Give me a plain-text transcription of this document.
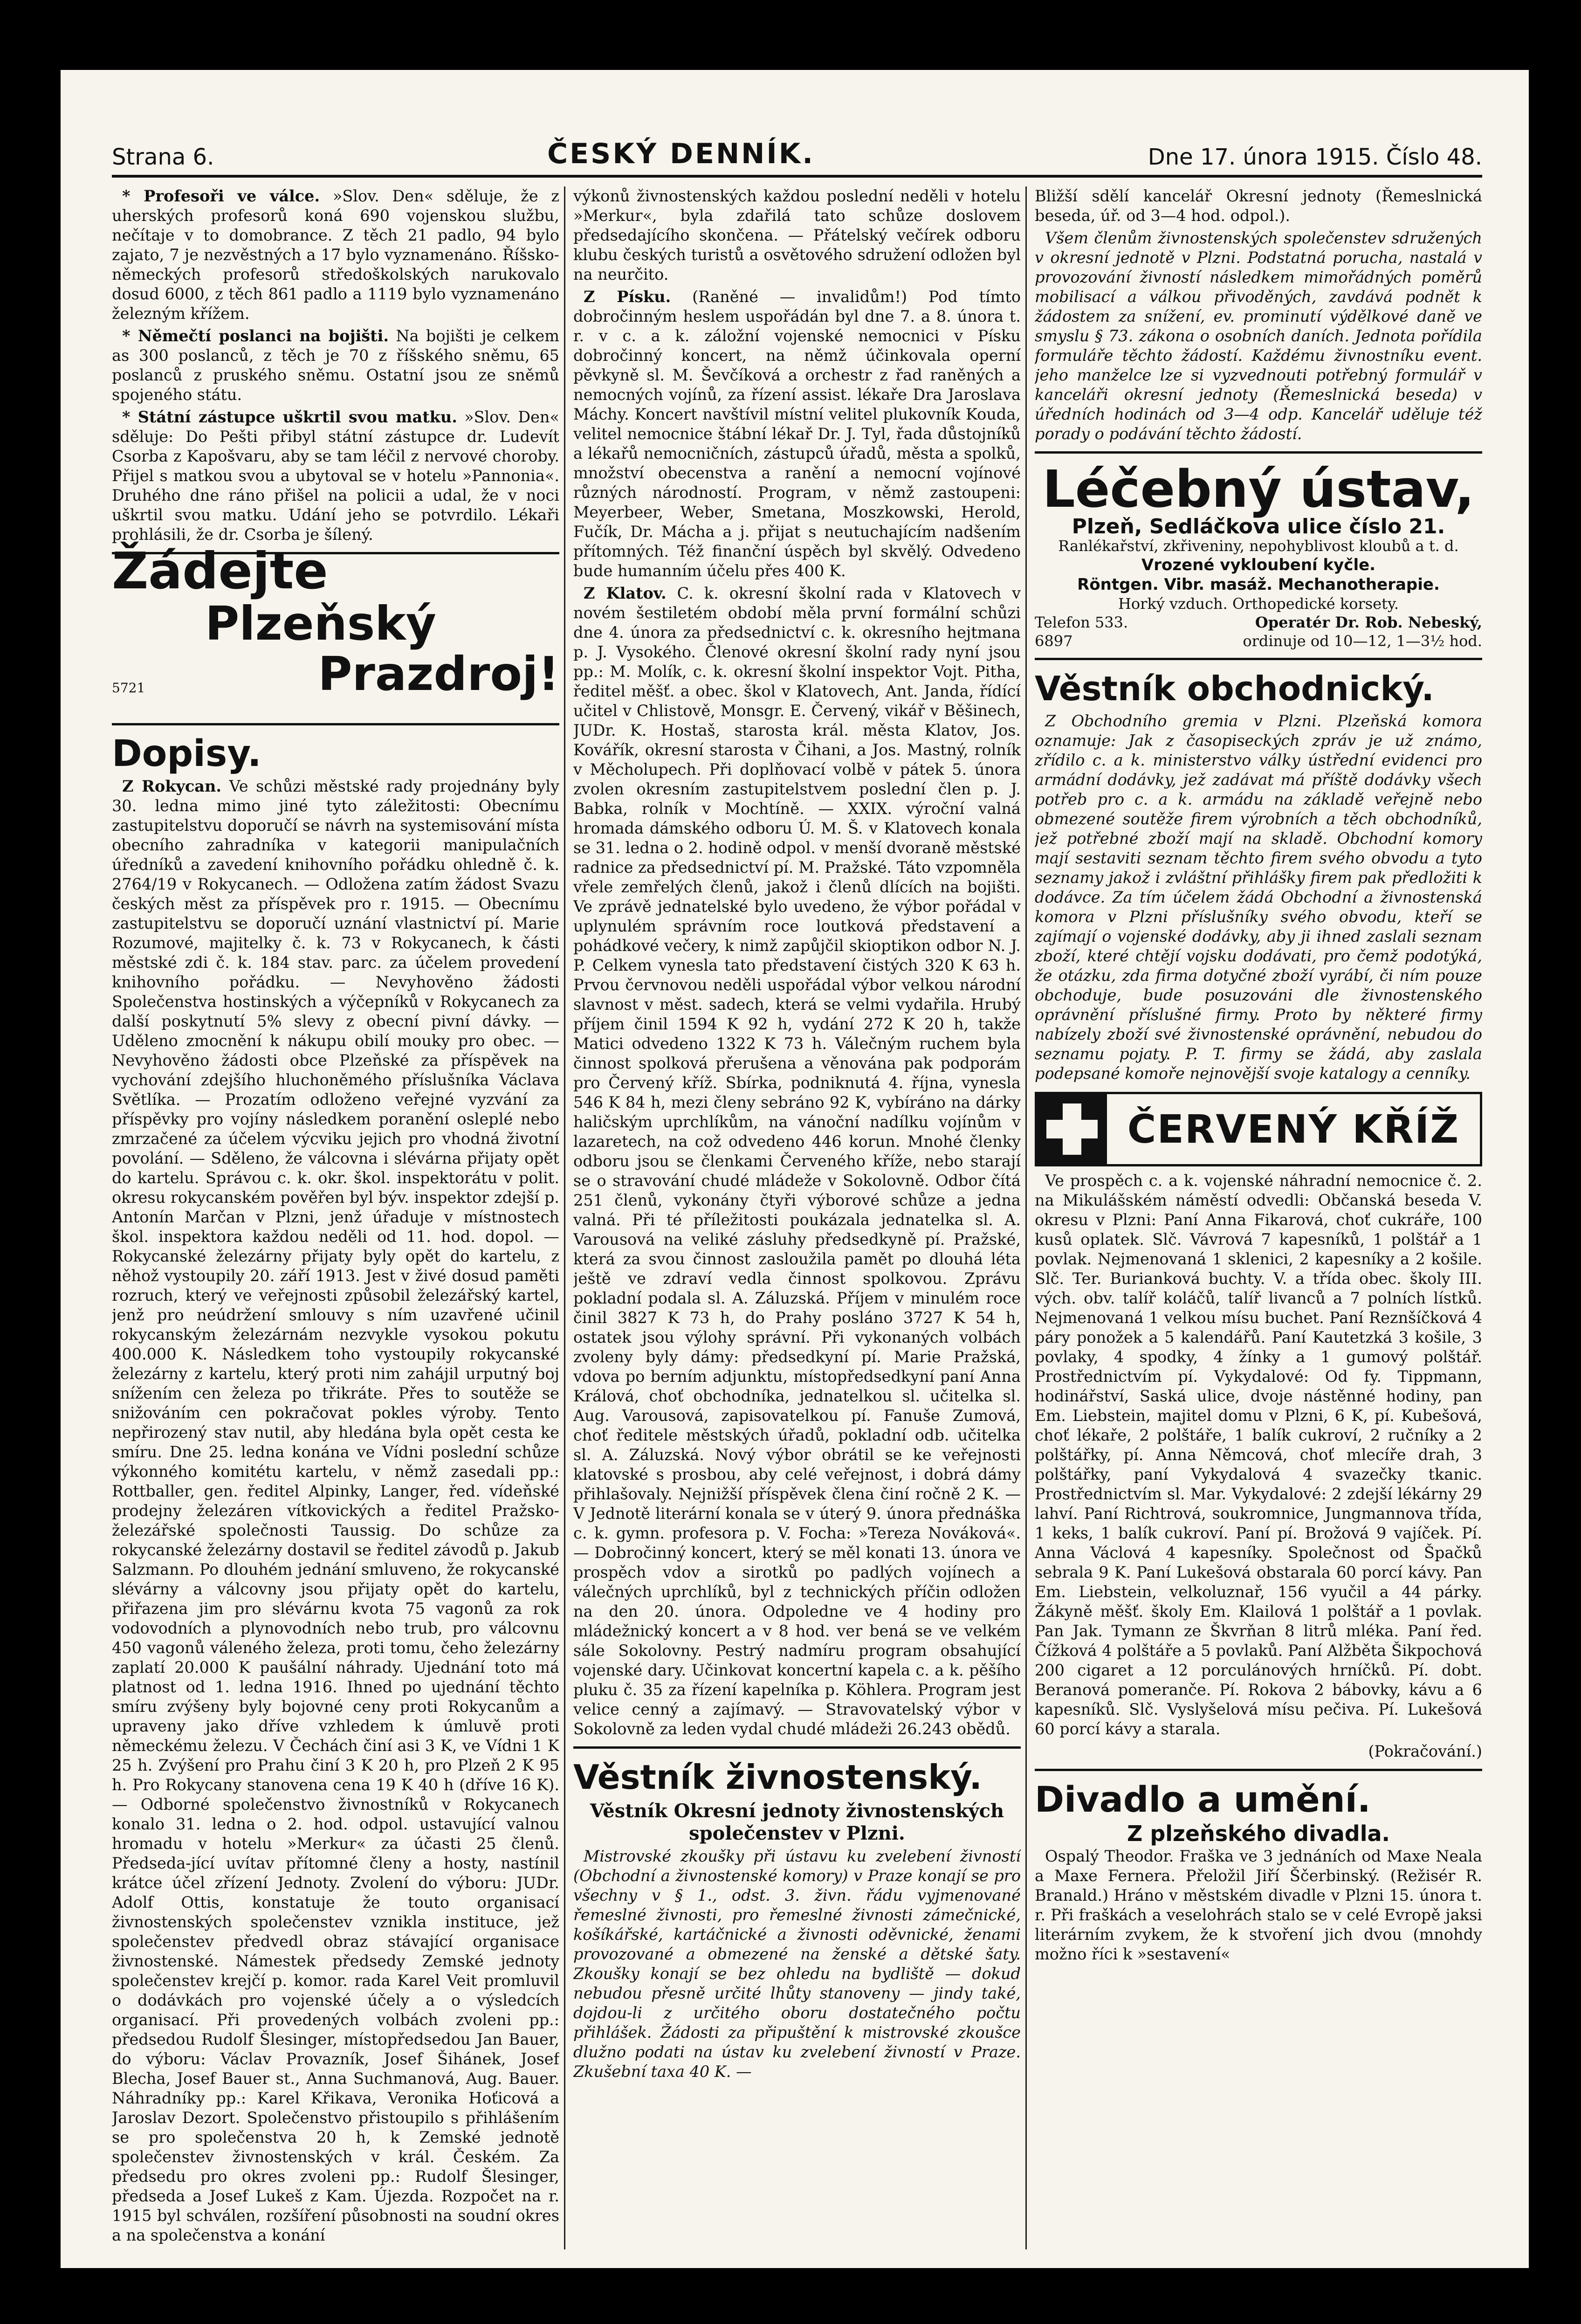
Strana 6.	ČESKÝ DENNÍK.	Dne 17. února 1915. Číslo 48.

* Profesoři ve válce. »Slov. Den« sděluje, že z uherských profesorů koná 690 vojenskou službu, nečítaje v to domobrance. Z těch 21 padlo, 94 bylo zajato, 7 je nezvěstných a 17 bylo vyznamenáno. Říšsko-německých profesorů středoškolských narukovalo dosud 6000, z těch 861 padlo a 1119 bylo vyznamenáno železným křížem.

* Němečtí poslanci na bojišti. Na bojišti je celkem as 300 poslanců, z těch je 70 z říšského sněmu, 65 poslanců z pruského sněmu. Ostatní jsou ze sněmů spojeného státu.

* Státní zástupce uškrtil svou matku. »Slov. Den« sděluje: Do Pešti přibyl státní zástupce dr. Ludevít Csorba z Kapošvaru, aby se tam léčil z nervové choroby. Přijel s matkou svou a ubytoval se v hotelu »Pannonia«. Druhého dne ráno přišel na policii a udal, že v noci uškrtil svou matku. Udání jeho se potvrdilo. Lékaři prohlásili, že dr. Csorba je šílený.

Žádejte
Plzeňský
5721	Prazdroj!
Dopisy.

Z Rokycan. Ve schůzi městské rady projednány byly 30. ledna mimo jiné tyto záležitosti: Obecnímu zastupitelstvu doporučí se návrh na systemisování místa obecního zahradníka v kategorii manipulačních úředníků a zavedení knihovního pořádku ohledně č. k. 2764/19 v Rokycanech. — Odložena zatím žádost Svazu českých měst za příspěvek pro r. 1915. — Obecnímu zastupitelstvu se doporučí uznání vlastnictví pí. Marie Rozumové, majitelky č. k. 73 v Rokycanech, k části městské zdi č. k. 184 stav. parc. za účelem provedení knihovního pořádku. — Nevyhověno žádosti Společenstva hostinských a výčepníků v Rokycanech za další poskytnutí 5% slevy z obecní pivní dávky. — Uděleno zmocnění k nákupu obilí mouky pro obec. —Nevyhověno žádosti obce Plzeňské za příspěvek na vychování zdejšího hluchoněmého příslušníka Václava Světlíka. — Prozatím odloženo veřejné vyzvání za příspěvky pro vojíny následkem poranění osleplé nebo zmrzačené za účelem výcviku jejich pro vhodná životní povolání. — Sděleno, že válcovna i slévárna přijaty opět do kartelu. Správou c. k. okr. škol. inspektorátu v polit. okresu rokycanském pověřen byl býv. inspektor zdejší p. Antonín Marčan v Plzni, jenž úřaduje v místnostech škol. inspektora každou neděli od 11. hod. dopol. — Rokycanské železárny přijaty byly opět do kartelu, z něhož vystoupily 20. září 1913. Jest v živé dosud paměti rozruch, který ve veřejnosti způsobil železářský kartel, jenž pro neúdržení smlouvy s ním uzavřené učinil rokycanským železárnám nezvykle vysokou pokutu 400.000 K. Následkem toho vystoupily rokycanské železárny z kartelu, který proti nim zahájil urputný boj snížením cen železa po třikráte. Přes to soutěže se snižováním cen pokračovat pokles výroby. Tento nepřirozený stav nutil, aby hledána byla opět cesta ke smíru. Dne 25. ledna konána ve Vídni poslední schůze výkonného komitétu kartelu, v němž zasedali pp.: Rottballer, gen. ředitel Alpinky, Langer, řed. vídeňské prodejny železáren vítkovických a ředitel Pražsko-železářské společnosti Taussig. Do schůze za rokycanské železárny dostavil se ředitel závodů p. Jakub Salzmann. Po dlouhém jednání smluveno, že rokycanské slévárny a válcovny jsou přijaty opět do kartelu, přiřazena jim pro slévárnu kvota 75 vagonů za rok vodovodních a plynovodních nebo trub, pro válcovnu 450 vagonů váleného železa, proti tomu, čeho železárny zaplatí 20.000 K paušální náhrady. Ujednání toto má platnost od 1. ledna 1916. Ihned po ujednání těchto smíru zvýšeny byly bojovné ceny proti Rokycanům a upraveny jako dříve vzhledem k úmluvě proti německému železu. V Čechách činí asi 3 K, ve Vídni 1 K 25 h. Zvýšení pro Prahu činí 3 K 20 h, pro Plzeň 2 K 95 h. Pro Rokycany stanovena cena 19 K 40 h (dříve 16 K). — Odborné společenstvo živnostníků v Rokycanech konalo 31. ledna o 2. hod. odpol. ustavující valnou hromadu v hotelu »Merkur« za účasti 25 členů. Předseda-jící uvítav přítomné členy a hosty, nastínil krátce účel zřízení Jednoty. Zvolení do výboru: JUDr. Adolf Ottis, konstatuje že touto organisací živnostenských společenstev vznikla instituce, jež společenstev předvedl obraz stávající organisace živnostenské. Námestek předsedy Zemské jednoty společenstev krejčí p. komor. rada Karel Veit promluvil o dodávkách pro vojenské účely a o výsledcích organisací. Při provedených volbách zvoleni pp.: předsedou Rudolf Šlesinger, místopředsedou Jan Bauer, do výboru: Václav Provazník, Josef Šihánek, Josef Blecha, Josef Bauer st., Anna Suchmanová, Aug. Bauer. Náhradníky pp.: Karel Křikava, Veronika Hoťicová a Jaroslav Dezort. Společenstvo přistoupilo s přihlášením se pro společenstva 20 h, k Zemské jednotě společenstev živnostenských v král. Českém. Za předsedu pro okres zvoleni pp.: Rudolf Šlesinger, předseda a Josef Lukeš z Kam. Újezda. Rozpočet na r. 1915 byl schválen, rozšíření působnosti na soudní okres a na společenstva a konání

výkonů živnostenských každou poslední neděli v hotelu »Merkur«, byla zdařilá tato schůze doslovem předsedajícího skončena. — Přátelský večírek odboru klubu českých turistů a osvětového sdružení odložen byl na neurčito.

Z Písku. (Raněné — invalidům!) Pod tímto dobročinným heslem uspořádán byl dne 7. a 8. února t. r. v c. a k. záložní vojenské nemocnici v Písku dobročinný koncert, na němž účinkovala operní pěvkyně sl. M. Ševčíková a orchestr z řad raněných a nemocných vojínů, za řízení assist. lékaře Dra Jaroslava Máchy. Koncert navštívil místní velitel plukovník Kouda, velitel nemocnice štábní lékař Dr. J. Tyl, řada důstojníků a lékařů nemocničních, zástupců úřadů, města a spolků, množství obecenstva a ranění a nemocní vojínové různých národností. Program, v němž zastoupeni: Meyerbeer, Weber, Smetana, Moszkowski, Herold, Fučík, Dr. Mácha a j. přijat s neutuchajícím nadšením přítomných. Též finanční úspěch byl skvělý. Odvedeno bude humanním účelu přes 400 K.

Z Klatov. C. k. okresní školní rada v Klatovech v novém šestiletém období měla první formální schůzi dne 4. února za předsednictví c. k. okresního hejtmana p. J. Vysokého. Členové okresní školní rady nyní jsou pp.: M. Molík, c. k. okresní školní inspektor Vojt. Pitha, ředitel měšť. a obec. škol v Klatovech, Ant. Janda, řídící učitel v Chlistově, Monsgr. E. Červený, vikář v Běšinech, JUDr. K. Hostaš, starosta král. města Klatov, Jos. Kovářík, okresní starosta v Čihani, a Jos. Mastný, rolník v Měcholupech. Při doplňovací volbě v pátek 5. února zvolen okresním zastupitelstvem poslední člen p. J. Babka, rolník v Mochtíně. — XXIX. výroční valná hromada dámského odboru Ú. M. Š. v Klatovech konala se 31. ledna o 2. hodině odpol. v menší dvoraně městské radnice za předsednictví pí. M. Pražské. Táto vzpomněla vřele zemřelých členů, jakož i členů dlících na bojišti. Ve zprávě jednatelské bylo uvedeno, že výbor pořádal v uplynulém správním roce loutková představení a pohádkové večery, k nimž zapůjčil skioptikon odbor N. J. P. Celkem vynesla tato představení čistých 320 K 63 h. Prvou červnovou neděli uspořádal výbor velkou národní slavnost v měst. sadech, která se velmi vydařila. Hrubý příjem činil 1594 K 92 h, vydání 272 K 20 h, takže Matici odvedeno 1322 K 73 h. Válečným ruchem byla činnost spolková přerušena a věnována pak podporám pro Červený kříž. Sbírka, podniknutá 4. října, vynesla 546 K 84 h, mezi členy sebráno 92 K, vybíráno na dárky haličským uprchlíkům, na vánoční nadílku vojínům v lazaretech, na což odvedeno 446 korun. Mnohé členky odboru jsou se členkami Červeného kříže, nebo starají se o stravování chudé mládeže v Sokolovně. Odbor čítá 251 členů, vykonány čtyři výborové schůze a jedna valná. Při té příležitosti poukázala jednatelka sl. A. Varousová na veliké zásluhy předsedkyně pí. Pražské, která za svou činnost zasloužila pamět po dlouhá léta ještě ve zdraví vedla činnost spolkovou. Zprávu pokladní podala sl. A. Záluzská. Příjem v minulém roce činil 3827 K 73 h, do Prahy posláno 3727 K 54 h, ostatek jsou výlohy správní. Při vykonaných volbách zvoleny byly dámy: předsedkyní pí. Marie Pražská, vdova po berním adjunktu, místopředsedkyní paní Anna Králová, choť obchodníka, jednatelkou sl. učitelka sl. Aug. Varousová, zapisovatelkou pí. Fanuše Zumová, choť ředitele městských úřadů, pokladní odb. učitelka sl. A. Záluzská. Nový výbor obrátil se ke veřejnosti klatovské s prosbou, aby celé veřejnost, i dobrá dámy přihlašovaly. Nejnižší příspěvek člena činí ročně 2 K. — V Jednotě literární konala se v úterý 9. února přednáška c. k. gymn. profesora p. V. Focha: »Tereza Nováková«. — Dobročinný koncert, který se měl konati 13. února ve prospěch vdov a sirotků po padlých vojínech a válečných uprchlíků, byl z technických příčin odložen na den 20. února. Odpoledne ve 4 hodiny pro mládežnický koncert a v 8 hod. ver bená se ve velkém sále Sokolovny. Pestrý nadmíru program obsahující vojenské dary. Učinkovat koncertní kapela c. a k. pěšího pluku č. 35 za řízení kapelníka p. Köhlera. Program jest velice cenný a zajímavý. — Stravovatelský výbor v Sokolovně za leden vydal chudé mládeži 26.243 obědů.

Věstník živnostenský.
Věstník Okresní jednoty živnostenských společenstev v Plzni.

Mistrovské zkoušky při ústavu ku zvelebení živností (Obchodní a živnostenské komory) v Praze konají se pro všechny v § 1., odst. 3. živn. řádu vyjmenované řemeslné živnosti, pro řemeslné živnosti zámečnické, košíkářské, kartáčnické a živnosti oděvnické, ženami provozované a obmezené na ženské a dětské šaty. Zkoušky konají se bez ohledu na bydliště — dokud nebudou přesně určité lhůty stanoveny — jindy také, dojdou-li z určitého oboru dostatečného počtu přihlášek. Žádosti za připuštění k mistrovské zkoušce dlužno podati na ústav ku zvelebení živností v Praze. Zkušební taxa 40 K. —

Bližší sdělí kancelář Okresní jednoty (Řemeslnická beseda, úř. od 3—4 hod. odpol.).

Všem členům živnostenských společenstev sdružených v okresní jednotě v Plzni. Podstatná porucha, nastalá v provozování živností následkem mimořádných poměrů mobilisací a válkou přivoděných, zavdává podnět k žádostem za snížení, ev. prominutí výdělkové daně ve smyslu § 73. zákona o osobních daních. Jednota pořídila formuláře těchto žádostí. Každému živnostníku event. jeho manželce lze si vyzvednouti potřebný formulář v kanceláři okresní jednoty (Řemeslnická beseda) v úředních hodinách od 3—4 odp. Kancelář uděluje též porady o podávání těchto žádostí.

Léčebný ústav,
Plzeň, Sedláčkova ulice číslo 21.
Ranlékařství, zkřiveniny, nepohyblivost kloubů a t. d.
Vrozené vykloubení kyčle.
Röntgen. Vibr. masáž. Mechanotherapie.
Horký vzduch. Orthopedické korsety.
Telefon 533.	Operatér Dr. Rob. Nebeský,
6897	ordinuje od 10—12, 1—3½ hod.
Věstník obchodnický.

Z Obchodního gremia v Plzni. Plzeňská komora oznamuje: Jak z časopiseckých zpráv je už známo, zřídilo c. a k. ministerstvo války ústřední evidenci pro armádní dodávky, jež zadávat má příště dodávky všech potřeb pro c. a k. armádu na základě veřejně nebo obmezené soutěže firem výrobních a těch obchodníků, jež potřebné zboží mají na skladě. Obchodní komory mají sestaviti seznam těchto firem svého obvodu a tyto seznamy jakož i zvláštní přihlášky firem pak předložiti k dodávce. Za tím účelem žádá Obchodní a živnostenská komora v Plzni příslušníky svého obvodu, kteří se zajímají o vojenské dodávky, aby ji ihned zaslali seznam zboží, které chtějí vojsku dodávati, pro čemž podotýká, že otázku, zda firma dotyčné zboží vyrábí, či ním pouze obchoduje, bude posuzováni dle živnostenského oprávnění příslušné firmy. Proto by některé firmy nabízely zboží své živnostenské oprávnění, nebudou do seznamu pojaty. P. T. firmy se žádá, aby zaslala podepsané komoře nejnovější svoje katalogy a cenníky.

ČERVENÝ KŘÍŽ

Ve prospěch c. a k. vojenské náhradní nemocnice č. 2. na Mikulášském náměstí odvedli: Občanská beseda V. okresu v Plzni: Paní Anna Fikarová, choť cukráře, 100 kusů oplatek. Slč. Vávrová 7 kapesníků, 1 polštář a 1 povlak. Nejmenovaná 1 sklenici, 2 kapesníky a 2 košile. Slč. Ter. Burianková buchty. V. a třída obec. školy III. vých. obv. talíř koláčů, talíř livanců a 7 polních lístků. Nejmenovaná 1 velkou mísu buchet. Paní Reznšíčková 4 páry ponožek a 5 kalendářů. Paní Kautetzká 3 košile, 3 povlaky, 4 spodky, 4 žínky a 1 gumový polštář. Prostřednictvím pí. Vykydalové: Od fy. Tippmann, hodinářství, Saská ulice, dvoje nástěnné hodiny, pan Em. Liebstein, majitel domu v Plzni, 6 K, pí. Kubešová, choť lékaře, 2 polštáře, 1 balík cukroví, 2 ručníky a 2 polštářky, pí. Anna Němcová, choť mlecíře drah, 3 polštářky, paní Vykydalová 4 svazečky tkanic. Prostřednictvím sl. Mar. Vykydalové: 2 zdejší lékárny 29 lahví. Paní Richtrová, soukromnice, Jungmannova třída, 1 keks, 1 balík cukroví. Paní pí. Brožová 9 vajíček. Pí. Anna Václová 4 kapesníky. Společnost od Špačků sebrala 9 K. Paní Lukešová obstarala 60 porcí kávy. Pan Em. Liebstein, velkoluznař, 156 vyučil a 44 párky. Žákyně měšť. školy Em. Klailová 1 polštář a 1 povlak. Pan Jak. Tymann ze Škvrňan 8 litrů mléka. Paní řed. Čížková 4 polštáře a 5 povlaků. Paní Alžběta Šikpochová 200 cigaret a 12 porculánových hrníčků. Pí. dobt. Beranová pomeranče. Pí. Rokova 2 bábovky, kávu a 6 kapesníků. Slč. Vyslyšelová mísu pečiva. Pí. Lukešová 60 porcí kávy a starala.

(Pokračování.)
Divadlo a umění.
Z plzeňského divadla.

Ospalý Theodor. Fraška ve 3 jednáních od Maxe Neala a Maxe Fernera. Přeložil Jiří Ščerbinský. (Režisér R. Branald.) Hráno v městském divadle v Plzni 15. února t. r. Při fraškách a veselohrách stalo se v celé Evropě jaksi literárním zvykem, že k stvoření jich dvou (mnohdy možno říci k »sestavení«
